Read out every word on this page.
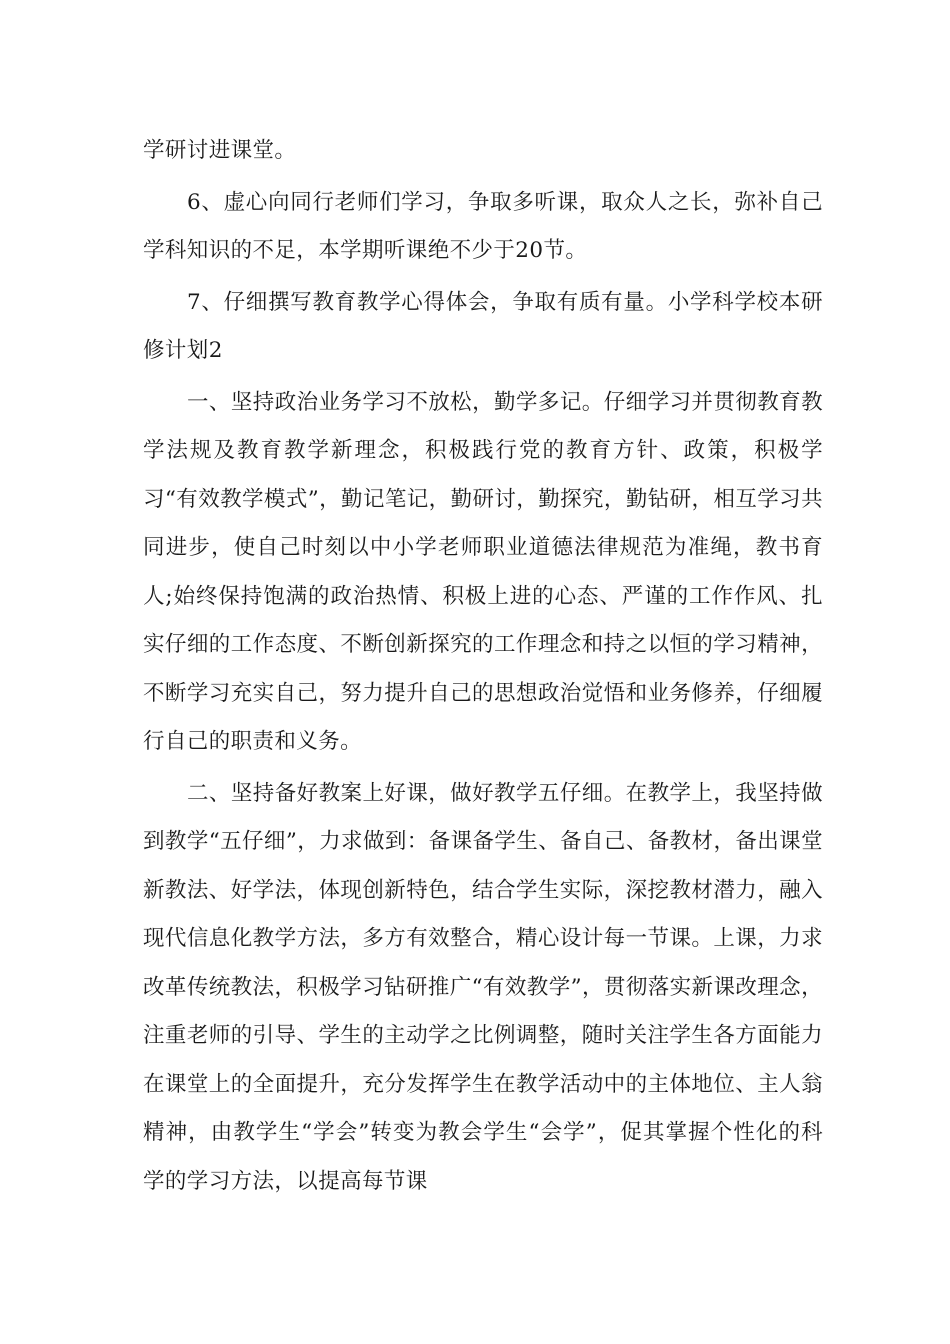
学研讨进课堂。

6、虚心向同行老师们学习，争取多听课，取众人之长，弥补自己学科知识的不足，本学期听课绝不少于20节。

7、仔细撰写教育教学心得体会，争取有质有量。小学科学校本研修计划2

一、坚持政治业务学习不放松，勤学多记。仔细学习并贯彻教育教学法规及教育教学新理念，积极践行党的教育方针、政策，积极学习“有效教学模式”，勤记笔记，勤研讨，勤探究，勤钻研，相互学习共同进步，使自己时刻以中小学老师职业道德法律规范为准绳，教书育人;始终保持饱满的政治热情、积极上进的心态、严谨的工作作风、扎实仔细的工作态度、不断创新探究的工作理念和持之以恒的学习精神，不断学习充实自己，努力提升自己的思想政治觉悟和业务修养，仔细履行自己的职责和义务。

二、坚持备好教案上好课，做好教学五仔细。在教学上，我坚持做到教学“五仔细”，力求做到：备课备学生、备自己、备教材，备出课堂新教法、好学法，体现创新特色，结合学生实际，深挖教材潜力，融入现代信息化教学方法，多方有效整合，精心设计每一节课。上课，力求改革传统教法，积极学习钻研推广“有效教学”，贯彻落实新课改理念，注重老师的引导、学生的主动学之比例调整，随时关注学生各方面能力在课堂上的全面提升，充分发挥学生在教学活动中的主体地位、主人翁精神，由教学生“学会”转变为教会学生“会学”，促其掌握个性化的科学的学习方法，以提高每节课
